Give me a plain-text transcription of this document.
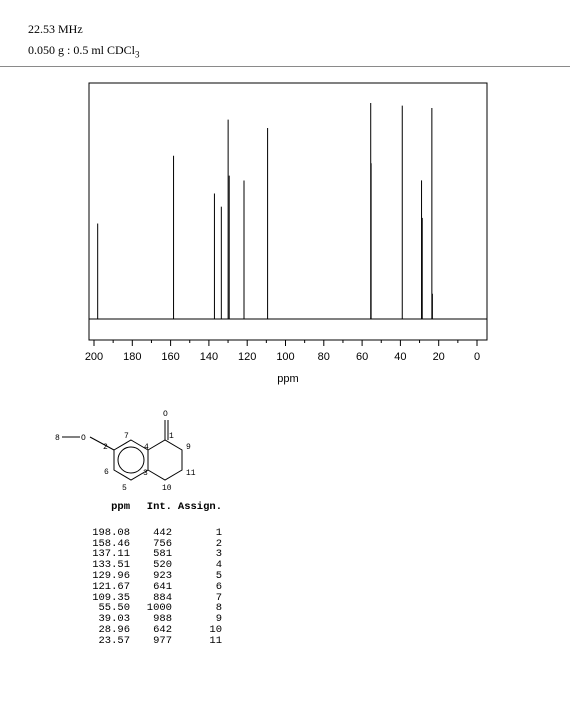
22.53 MHz
0.050 g : 0.5 ml CDCl$_3$
200 180 160 140 120 100 80 60 40 20	0
ppm
8	O
2
7
4
1
O
9
6	3	11
5	10
ppm	Int. Assign.
198.08	442	1
158.46	756	2
137.11	581	3
133.51	520	4
129.96	923	5
121.67	641	6
109.35	884	7
55.50	1000	8
39.03	988	9
28.96	642	10
23.57	977	11
